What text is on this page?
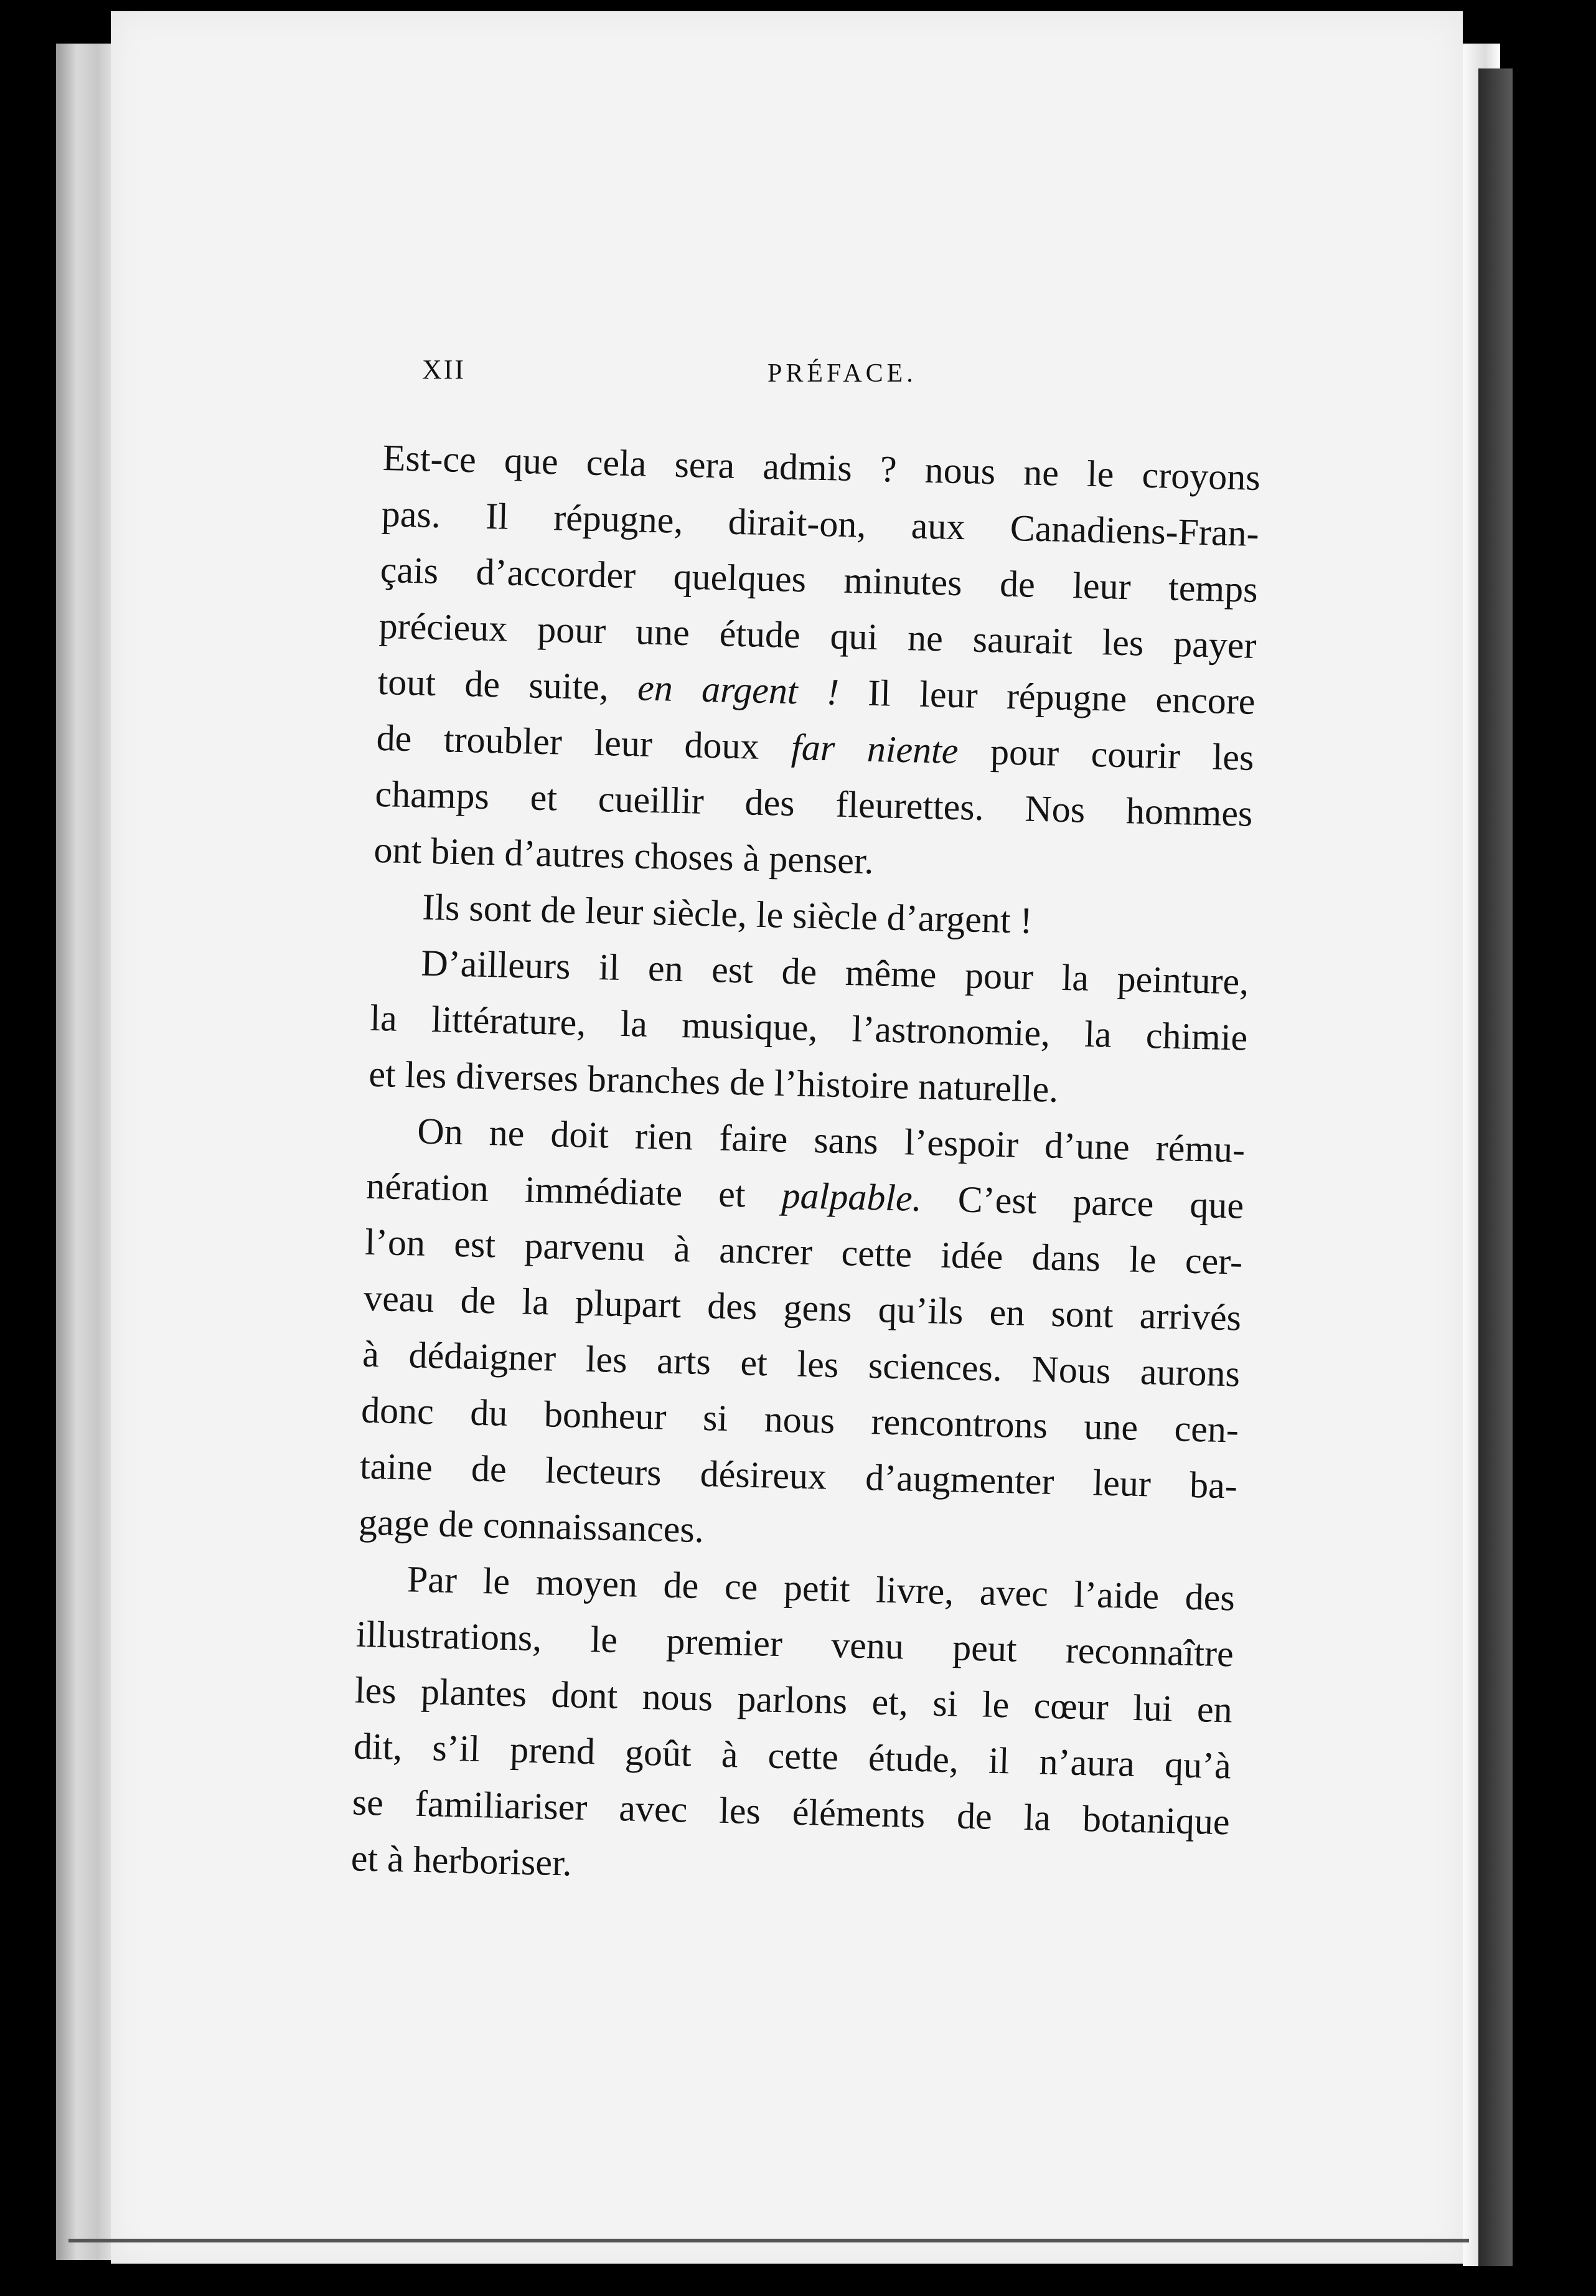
XII	PRÉFACE.
Est-ce que cela sera admis ? nous ne le croyons
pas. Il répugne, dirait-on, aux Canadiens-Fran-
çais d’accorder quelques minutes de leur temps
précieux pour une étude qui ne saurait les payer
tout de suite, en argent ! Il leur répugne encore
de troubler leur doux far niente pour courir les
champs et cueillir des fleurettes. Nos hommes
ont bien d’autres choses à penser.
Ils sont de leur siècle, le siècle d’argent !
D’ailleurs il en est de même pour la peinture,
la littérature, la musique, l’astronomie, la chimie
et les diverses branches de l’histoire naturelle.
On ne doit rien faire sans l’espoir d’une rému-
nération immédiate et palpable. C’est parce que
l’on est parvenu à ancrer cette idée dans le cer-
veau de la plupart des gens qu’ils en sont arrivés
à dédaigner les arts et les sciences. Nous aurons
donc du bonheur si nous rencontrons une cen-
taine de lecteurs désireux d’augmenter leur ba-
gage de connaissances.
Par le moyen de ce petit livre, avec l’aide des
illustrations, le premier venu peut reconnaître
les plantes dont nous parlons et, si le cœur lui en
dit, s’il prend goût à cette étude, il n’aura qu’à
se familiariser avec les éléments de la botanique
et à herboriser.
